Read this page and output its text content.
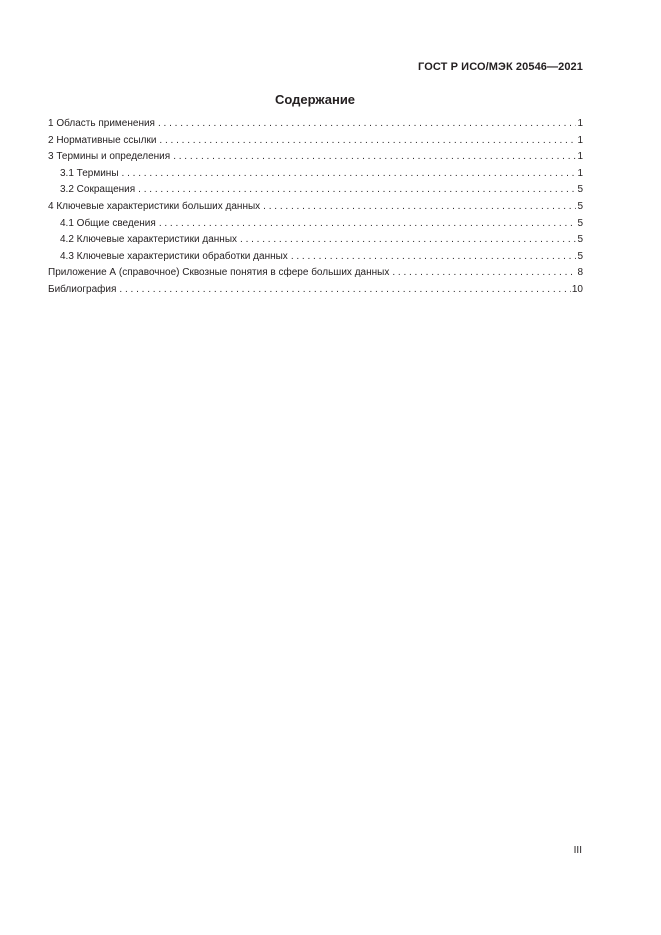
ГОСТ Р ИСО/МЭК 20546—2021
Содержание
1 Область применения . . .	1
2 Нормативные ссылки . . .	1
3 Термины и определения . . .	1
3.1 Термины . . .	1
3.2 Сокращения . . .	5
4 Ключевые характеристики больших данных . . .	5
4.1 Общие сведения . . .	5
4.2 Ключевые характеристики данных . . .	5
4.3 Ключевые характеристики обработки данных . . .	5
Приложение А (справочное) Сквозные понятия в сфере больших данных . . .	8
Библиография . . .	10
III
